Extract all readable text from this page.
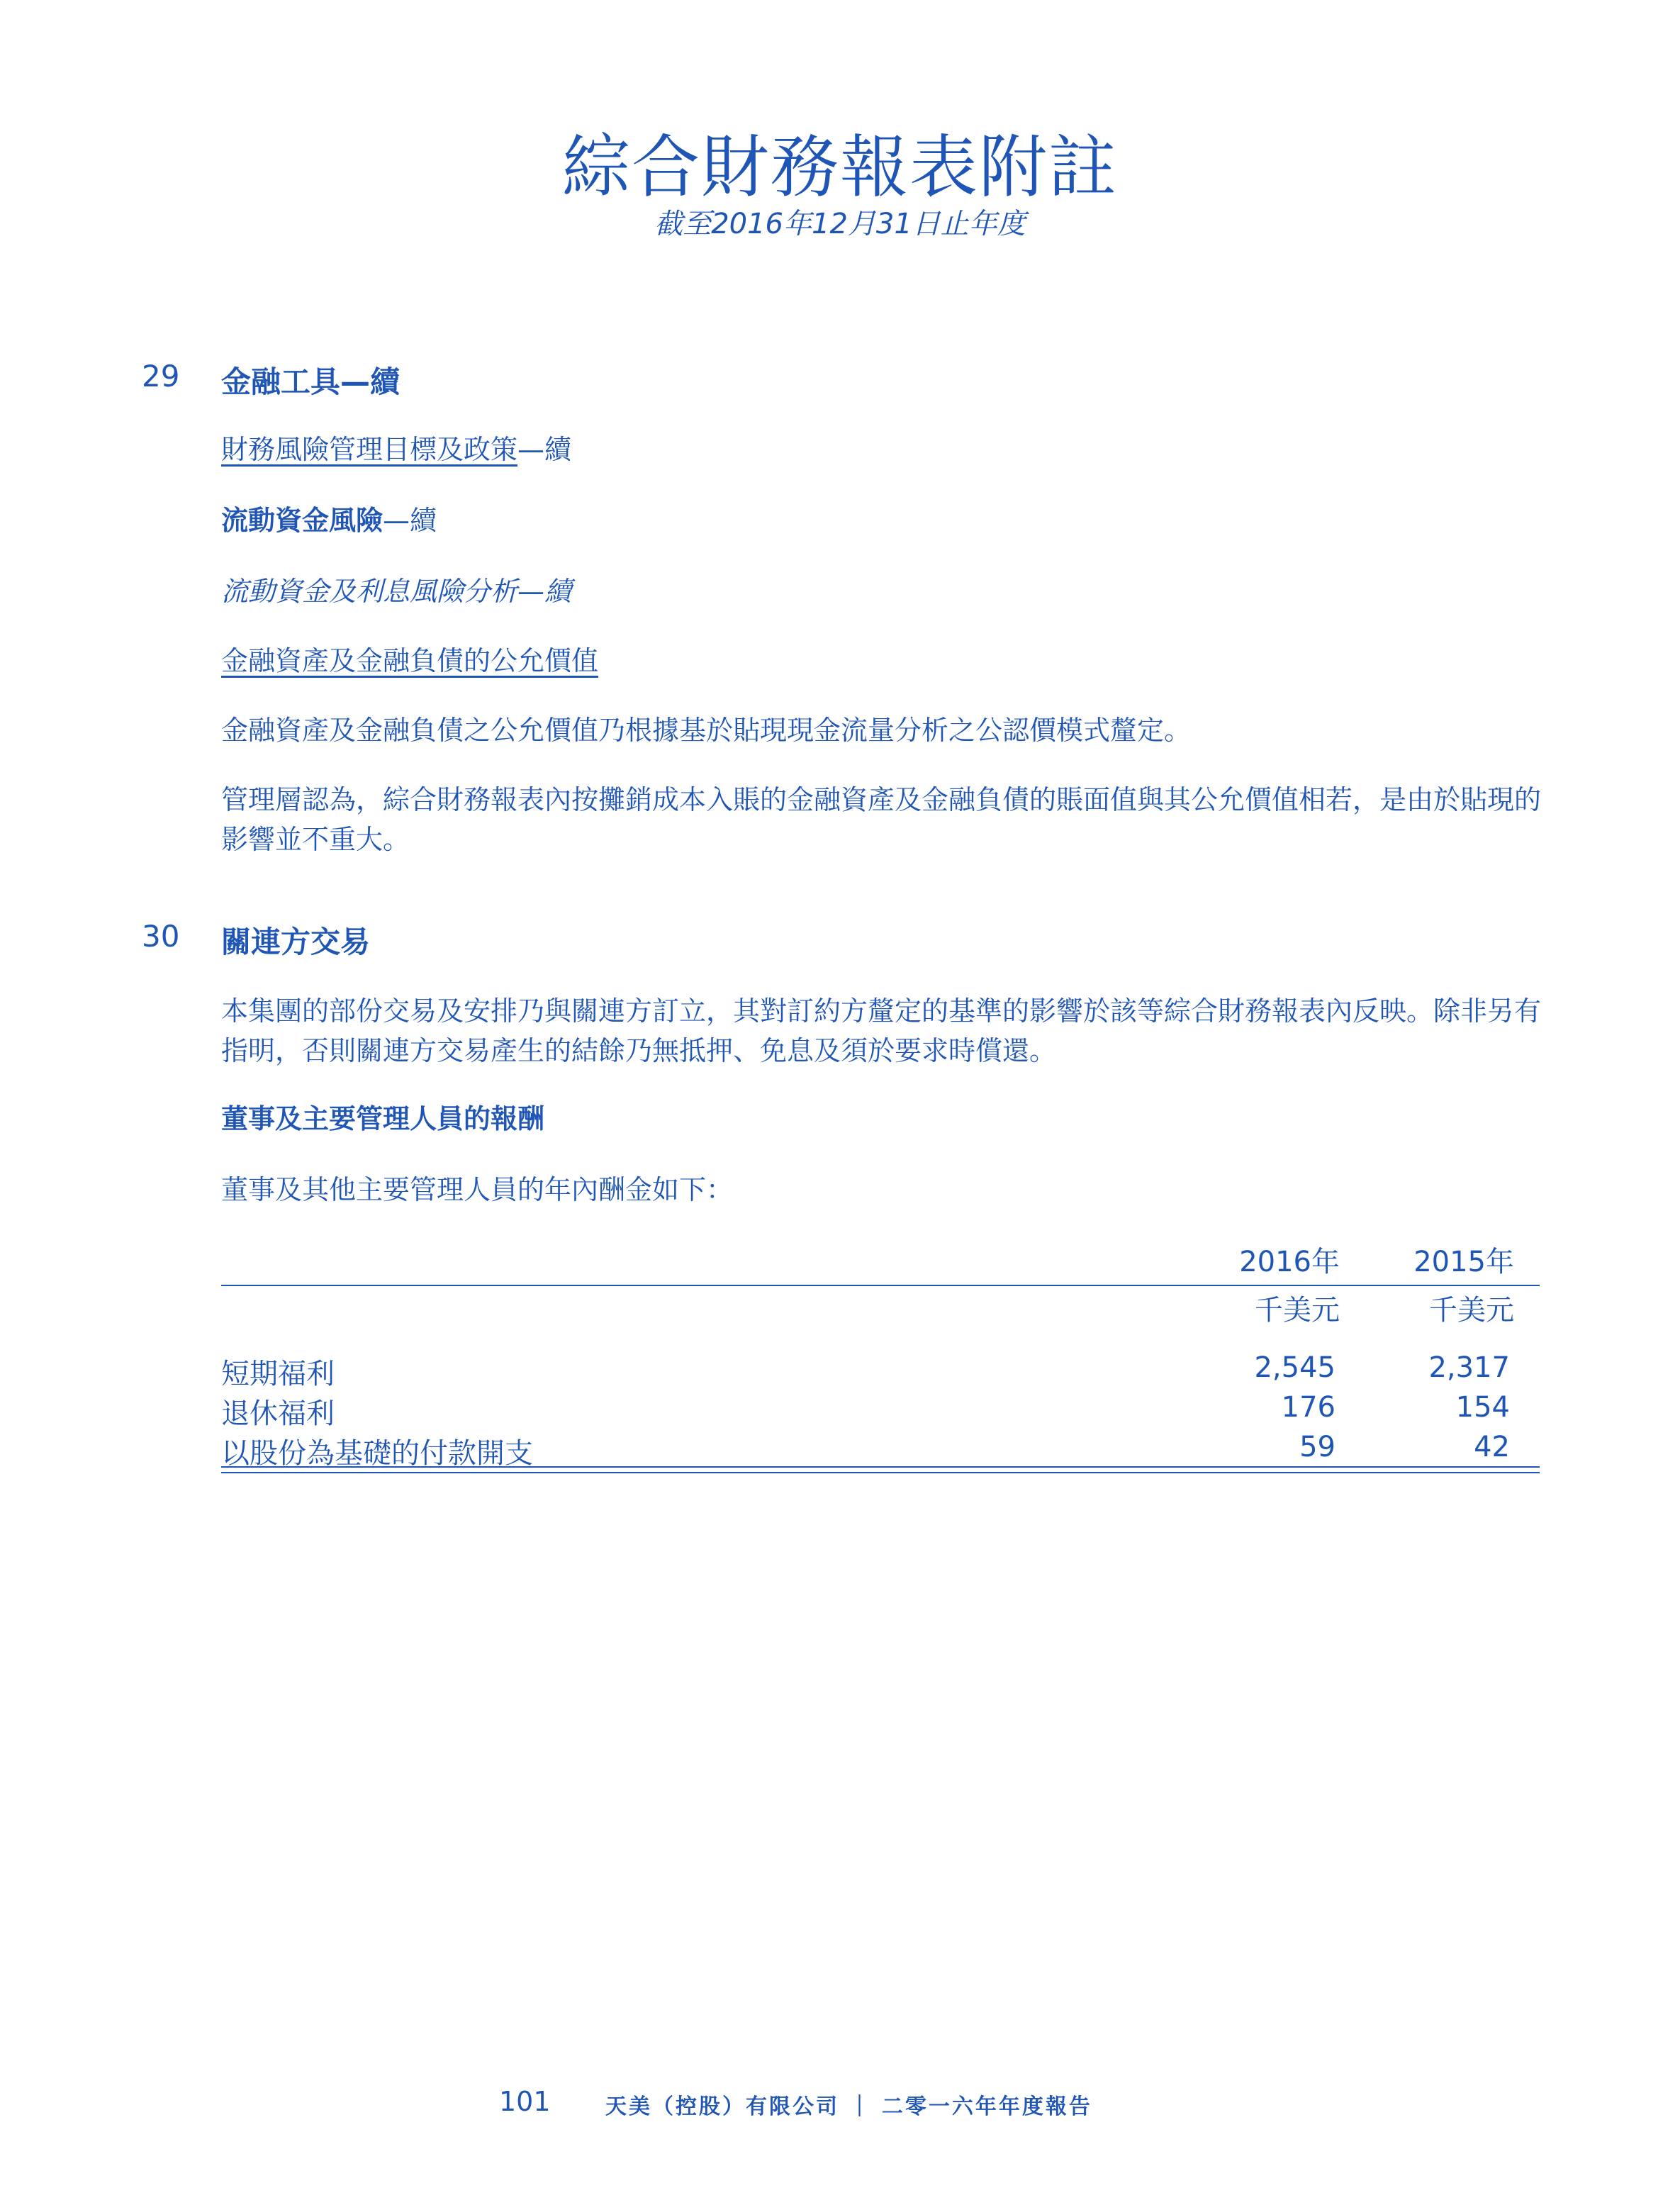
綜合財務報表附註
截至2016年12月31日止年度
29 金融工具—續
財務風險管理目標及政策—續
流動資金風險—續
流動資金及利息風險分析—續
金融資產及金融負債的公允價值
金融資產及金融負債之公允價值乃根據基於貼現現金流量分析之公認價模式釐定。
管理層認為，綜合財務報表內按攤銷成本入賬的金融資產及金融負債的賬面值與其公允價值相若，是由於貼現的影響並不重大。
30 關連方交易
本集團的部份交易及安排乃與關連方訂立，其對訂約方釐定的基準的影響於該等綜合財務報表內反映。除非另有指明，否則關連方交易產生的結餘乃無抵押、免息及須於要求時償還。
董事及主要管理人員的報酬
董事及其他主要管理人員的年內酬金如下：
2016年	2015年
千美元	千美元
短期福利	2,545	2,317
退休福利	176	154
以股份為基礎的付款開支	59	42
101	天美（控股）有限公司 ｜ 二零一六年年度報告
